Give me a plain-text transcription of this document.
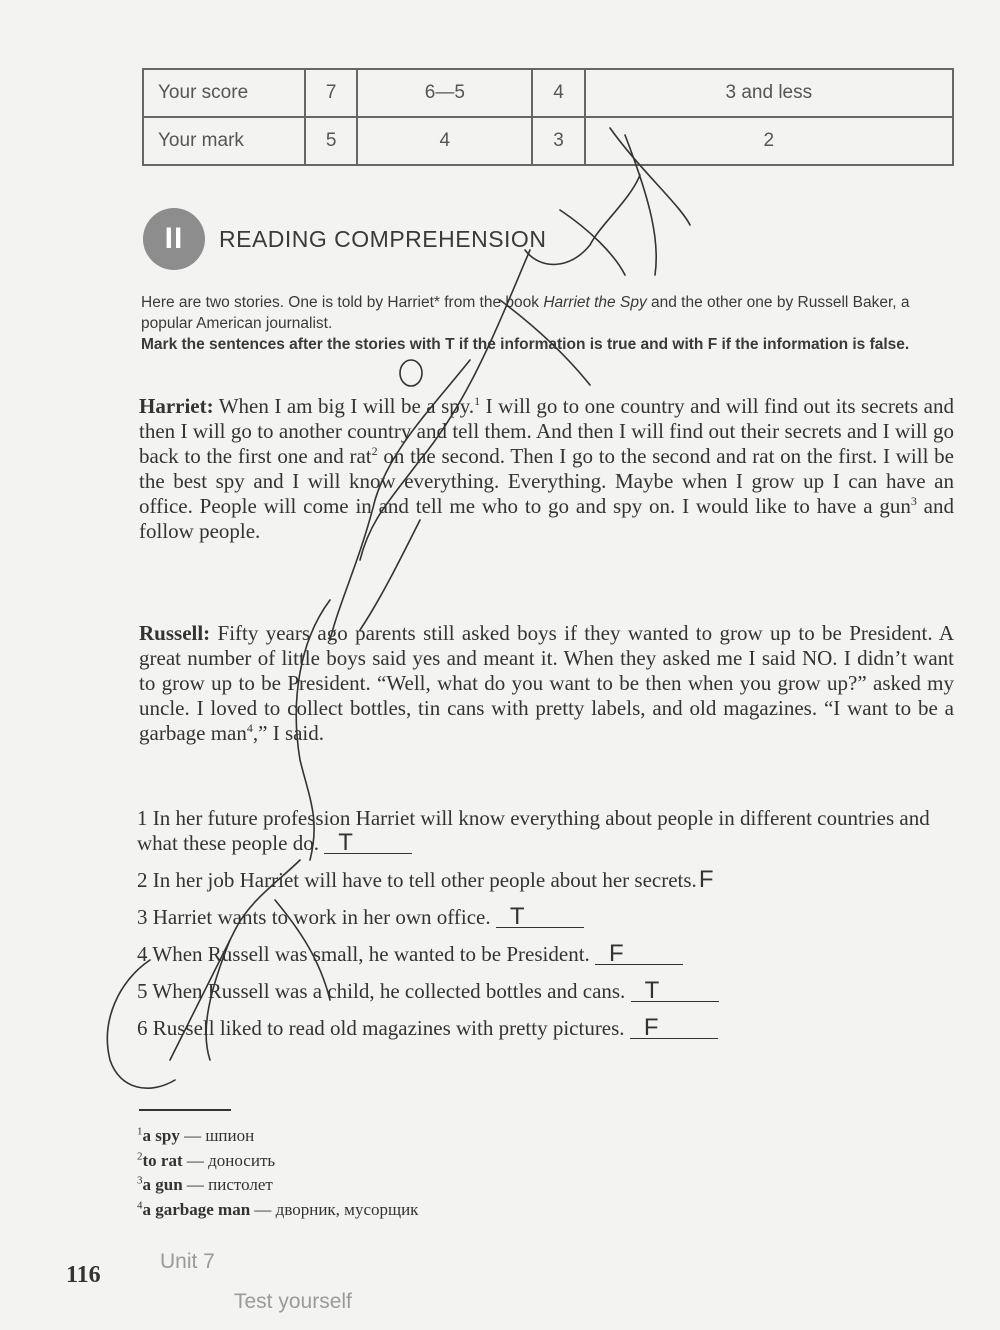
Your score	7	6—5	4	3 and less
Your mark	5	4	3	2
II	READING COMPREHENSION
Here are two stories. One is told by Harriet* from the book Harriet the Spy and the other one by Russell Baker, a popular American journalist.
Mark the sentences after the stories with T if the information is true and with F if the information is false.
Harriet: When I am big I will be a spy.$^1$ I will go to one country and will find out its secrets and then I will go to another country and tell them. And then I will find out their secrets and I will go back to the first one and rat$^2$ on the second. Then I go to the second and rat on the first. I will be the best spy and I will know everything. Everything. Maybe when I grow up I can have an office. People will come in and tell me who to go and spy on. I would like to have a gun$^3$ and follow people.
Russell: Fifty years ago parents still asked boys if they wanted to grow up to be President. A great number of little boys said yes and meant it. When they asked me I said NO. I didn’t want to grow up to be President. “Well, what do you want to be then when you grow up?” asked my uncle. I loved to collect bottles, tin cans with pretty labels, and old magazines. “I want to be a garbage man$^4$,” I said.
1 In her future profession Harriet will know everything about people in different countries and what these people do. T
2 In her job Harriet will have to tell other people about her secrets.F
3 Harriet wants to work in her own office. T
4 When Russell was small, he wanted to be President. F
5 When Russell was a child, he collected bottles and cans. T
6 Russell liked to read old magazines with pretty pictures. F
$^1$a spy — шпион
$^2$to rat — доносить
$^3$a gun — пистолет
$^4$a garbage man — дворник, мусорщик
116
Unit 7
Test yourself
